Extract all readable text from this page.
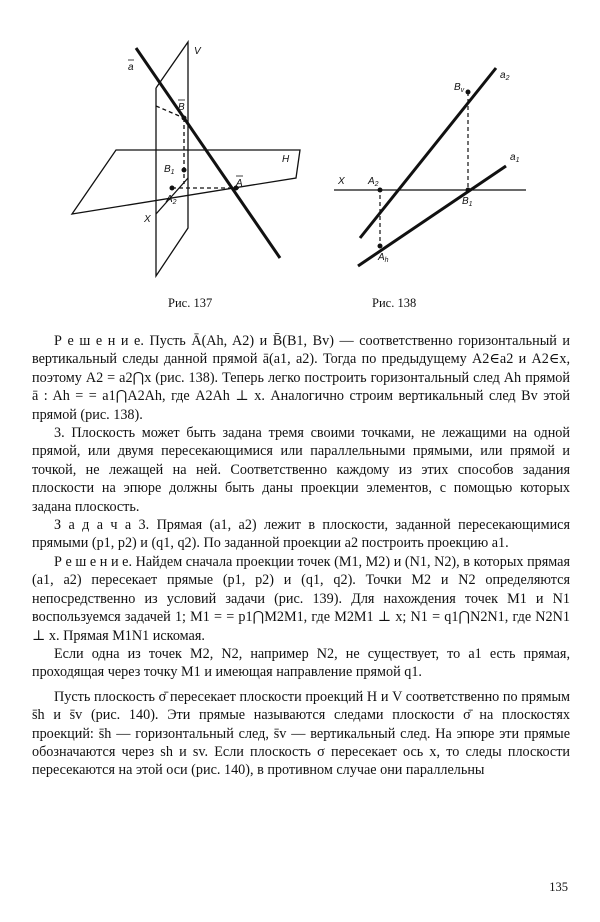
a
V
B
H
$B_1$
A
$A_2$
X
$a_2$
$B_v$
$a_1$
X $A_2$
$B_1$
$A_h$
Рис. 137	Рис. 138

Р е ш е н и е. Пусть Ā(Ah, A2) и B̄(B1, Bv) — соответственно горизонтальный и вертикальный следы данной прямой ā(a1, a2). Тогда по предыдущему A2∈a2 и A2∈x, поэтому A2 = a2⋂x (рис. 138). Теперь легко построить горизонтальный след Ah прямой ā : Ah = = a1⋂A2Ah, где A2Ah ⊥ x. Аналогично строим вертикальный след Bv этой прямой (рис. 138).

3. Плоскость может быть задана тремя своими точками, не лежащими на одной прямой, или двумя пересекающимися или параллельными прямыми, или прямой и точкой, не лежащей на ней. Соответственно каждому из этих способов задания плоскости на эпюре должны быть даны проекции элементов, с помощью которых задана плоскость.

З а д а ч а 3. Прямая (a1, a2) лежит в плоскости, заданной пересекающимися прямыми (p1, p2) и (q1, q2). По заданной проекции a2 построить проекцию a1.

Р е ш е н и е. Найдем сначала проекции точек (M1, M2) и (N1, N2), в которых прямая (a1, a2) пересекает прямые (p1, p2) и (q1, q2). Точки M2 и N2 определяются непосредственно из условий задачи (рис. 139). Для нахождения точек M1 и N1 воспользуемся задачей 1; M1 = = p1⋂M2M1, где M2M1 ⊥ x; N1 = q1⋂N2N1, где N2N1 ⊥ x. Прямая M1N1 искомая.

Если одна из точек M2, N2, например N2, не существует, то a1 есть прямая, проходящая через точку M1 и имеющая направление прямой q1.

Пусть плоскость σ̄ пересекает плоскости проекций H и V соответственно по прямым s̄h и s̄v (рис. 140). Эти прямые называются следами плоскости σ̄ на плоскостях проекций: s̄h — горизонтальный след, s̄v — вертикальный след. На эпюре эти прямые обозначаются через sh и sv. Если плоскость σ пересекает ось x, то следы плоскости пересекаются на этой оси (рис. 140), в противном случае они параллельны

135
